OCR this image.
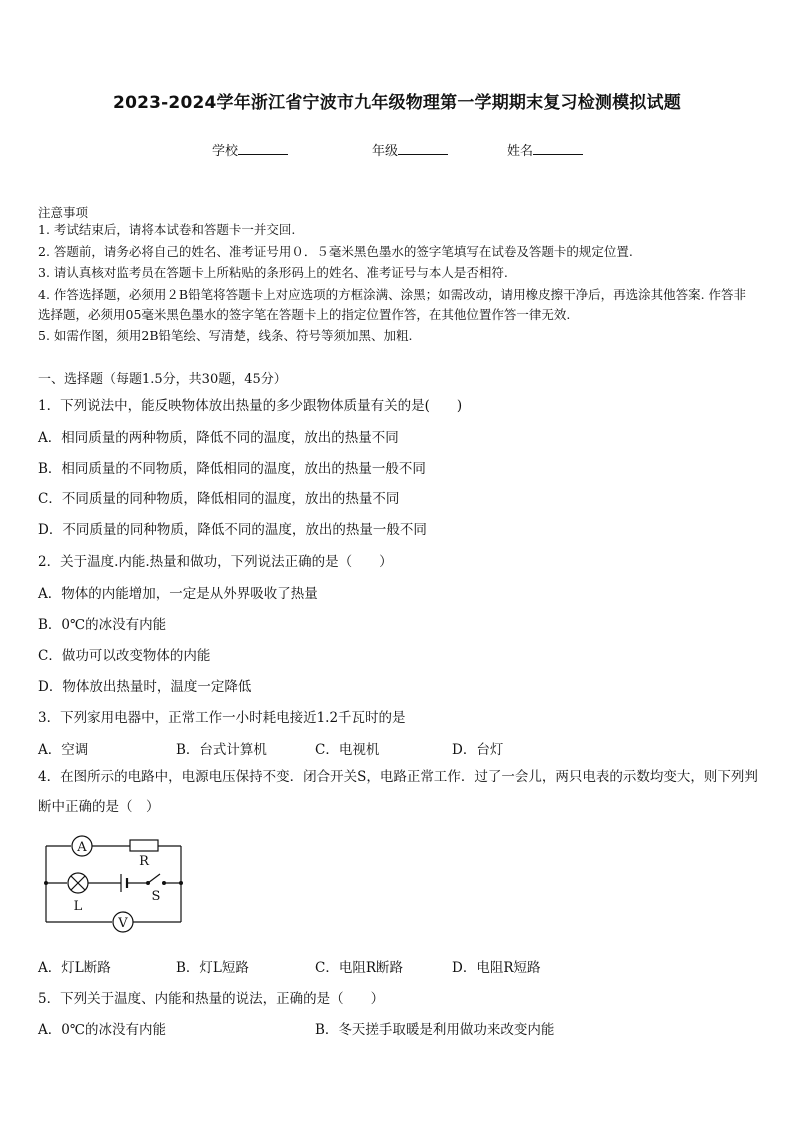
2023-2024学年浙江省宁波市九年级物理第一学期期末复习检测模拟试题
学校	年级	姓名
注意事项
1. 考试结束后，请将本试卷和答题卡一并交回.
2. 答题前，请务必将自己的姓名、准考证号用０．５毫米黑色墨水的签字笔填写在试卷及答题卡的规定位置.
3. 请认真核对监考员在答题卡上所粘贴的条形码上的姓名、准考证号与本人是否相符.
4. 作答选择题，必须用２B铅笔将答题卡上对应选项的方框涂满、涂黑；如需改动，请用橡皮擦干净后，再选涂其他答案. 作答非选择题，必须用05毫米黑色墨水的签字笔在答题卡上的指定位置作答，在其他位置作答一律无效.
5. 如需作图，须用2B铅笔绘、写清楚，线条、符号等须加黑、加粗.
一、选择题（每题1.5分，共30题，45分）
1．下列说法中，能反映物体放出热量的多少跟物体质量有关的是(　　)
A．相同质量的两种物质，降低不同的温度，放出的热量不同
B．相同质量的不同物质，降低相同的温度，放出的热量一般不同
C．不同质量的同种物质，降低相同的温度，放出的热量不同
D．不同质量的同种物质，降低不同的温度，放出的热量一般不同
2．关于温度.内能.热量和做功，下列说法正确的是（　　）
A．物体的内能增加，一定是从外界吸收了热量
B．0℃的冰没有内能
C．做功可以改变物体的内能
D．物体放出热量时，温度一定降低
3．下列家用电器中，正常工作一小时耗电接近1.2千瓦时的是
A．空调	B．台式计算机	C．电视机	D．台灯
4．在图所示的电路中，电源电压保持不变．闭合开关S，电路正常工作．过了一会儿，两只电表的示数均变大，则下列判断中正确的是（　）
A
R
L
S
V
A．灯L断路	B．灯L短路	C．电阻R断路	D．电阻R短路
5．下列关于温度、内能和热量的说法，正确的是（　　）
A．0℃的冰没有内能	B．冬天搓手取暖是利用做功来改变内能
